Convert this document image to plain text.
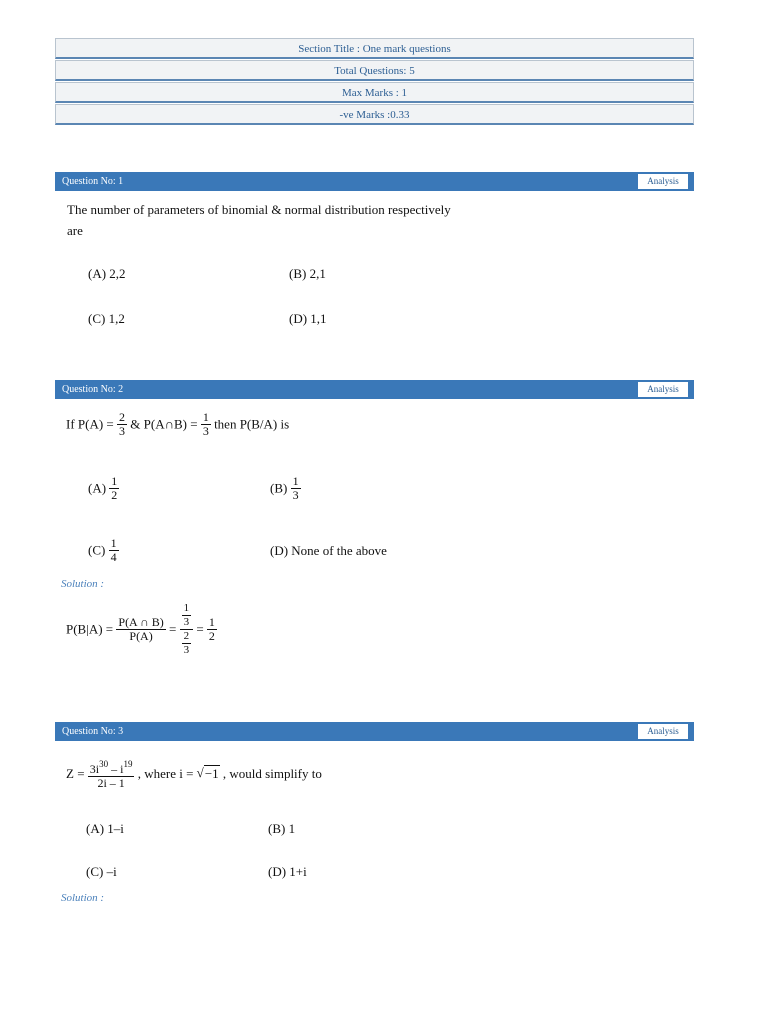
Section Title : One mark questions
Total Questions: 5
Max Marks : 1
-ve Marks :0.33
Question No: 1	Analysis
The number of parameters of binomial & normal distribution respectively
are
(A) 2,2	(B) 2,1
(C) 1,2	(D) 1,1
Question No: 2	Analysis
If $P(A) = \frac{2}{3}$ & P(A∩B) = $\frac{1}{3}$ then P(B/A) is
$(A) \frac{1}{2}$	$(B) \frac{1}{3}$
$(C) \frac{1}{4}$	(D) None of the above
Solution :
$P(B|A) = \frac{P(A \cap B)}{P(A)} = \frac{\frac{1}{3}}{\frac{2}{3}} = \frac{1}{2}$
Question No: 3	Analysis
$Z = \frac{3i^{30} - i^{19}}{2i - 1}$ , where i = √−1 , would simplify to
(A) 1–i	(B) 1
(C) –i	(D) 1+i
Solution :
